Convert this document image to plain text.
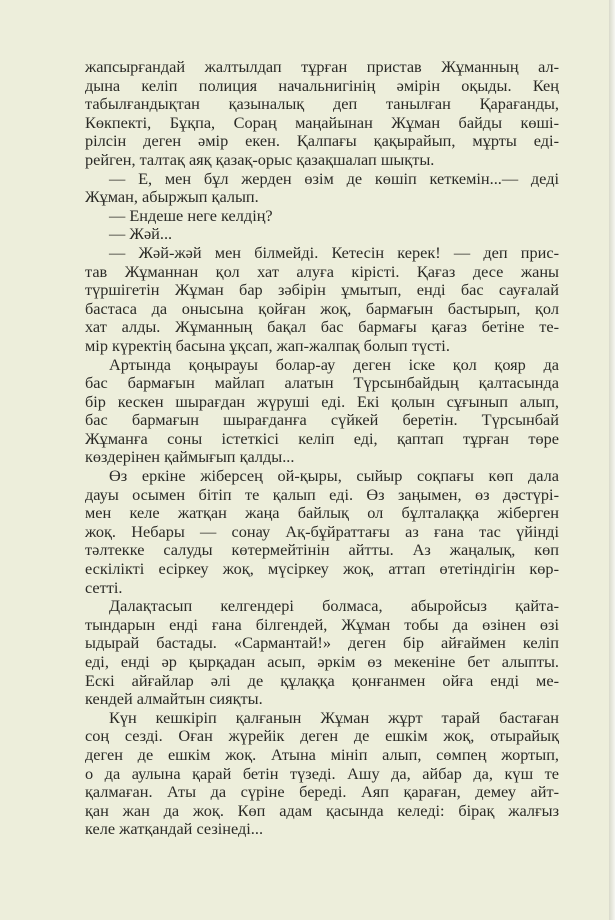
жапсырғандай жалтылдап тұрған пристав Жұманның ал-
дына келіп полиция начальнигінің әмірін оқыды. Кең
табылғандықтан қазыналық деп танылған Қарағанды,
Көкпекті, Бұқпа, Сораң маңайынан Жұман байды көші-
рілсін деген әмір екен. Қалпағы қақырайып, мұрты еді-
рейген, талтақ аяқ қазақ-орыс қазақшалап шықты.
— Е, мен бұл жерден өзім де көшіп кеткемін...— деді
Жұман, абыржып қалып.
— Ендеше неге келдің?
— Жәй...
— Жәй-жәй мен білмейді. Кетесін керек! — деп прис-
тав Жұманнан қол хат алуға кірісті. Қағаз десе жаны
түршігетін Жұман бар зәбірін ұмытып, енді бас сауғалай
бастаса да онысына қойған жоқ, бармағын бастырып, қол
хат алды. Жұманның бақал бас бармағы қағаз бетіне те-
мір күректің басына ұқсап, жап-жалпақ болып түсті.
Артында қоңырауы болар-ау деген іске қол қояр да
бас бармағын майлап алатын Түрсынбайдың қалтасында
бір кескен шырағдан жүруші еді. Екі қолын сұғынып алып,
бас бармағын шырағданға сүйкей беретін. Түрсынбай
Жұманға соны істеткісі келіп еді, қаптап тұрған төре
көздерінен қаймығып қалды...
Өз еркіне жіберсең ой-қыры, сыйыр соқпағы көп дала
дауы осымен бітіп те қалып еді. Өз заңымен, өз дәстүрі-
мен келе жатқан жаңа байлық ол бұлталаққа жіберген
жоқ. Небары — сонау Ақ-бұйраттағы аз ғана тас үйінді
тәлтекке салуды көтермейтінін айтты. Аз жаңалық, көп
ескілікті есіркеу жоқ, мүсіркеу жоқ, аттап өтетіндігін көр-
сетті.
Далақтасып келгендері болмаса, абыройсыз қайта-
тындарын енді ғана білгендей, Жұман тобы да өзінен өзі
ыдырай бастады. «Сармантай!» деген бір айғаймен келіп
еді, енді әр қырқадан асып, әркім өз мекеніне бет алыпты.
Ескі айғайлар әлі де құлаққа қонғанмен ойға енді ме-
кендей алмайтын сияқты.
Күн кешкіріп қалғанын Жұман жұрт тарай бастаған
соң сезді. Оған жүрейік деген де ешкім жоқ, отырайық
деген де ешкім жоқ. Атына мініп алып, сөмпең жортып,
о да аулына қарай бетін түзеді. Ашу да, айбар да, күш те
қалмаған. Аты да сүріне береді. Аяп қараған, демеу айт-
қан жан да жоқ. Көп адам қасында келеді: бірақ жалғыз
келе жатқандай сезінеді...
